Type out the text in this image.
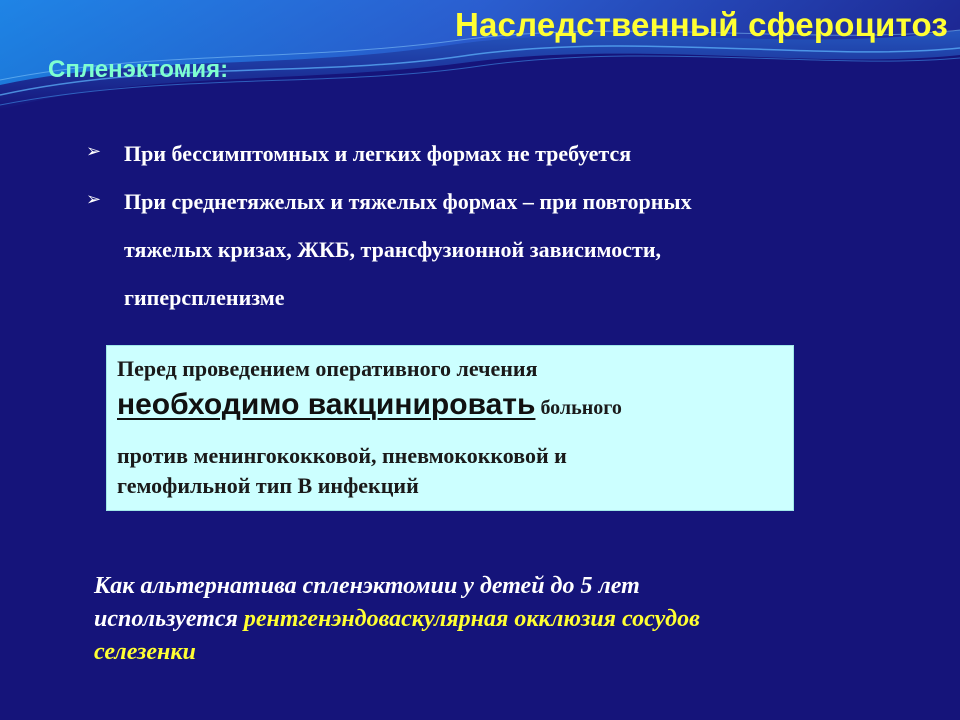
Наследственный сфероцитоз
Спленэктомия:
➢ При бессимптомных и легких формах не требуется
➢ При среднетяжелых и тяжелых формах – при повторных
тяжелых кризах, ЖКБ, трансфузионной зависимости,
гиперспленизме
Перед проведением оперативного лечения
необходимо вакцинировать больного
против менингококковой, пневмококковой и
гемофильной тип В инфекций
Как альтернатива спленэктомии у детей до 5 лет
используется рентгенэндоваскулярная окклюзия сосудов
селезенки
